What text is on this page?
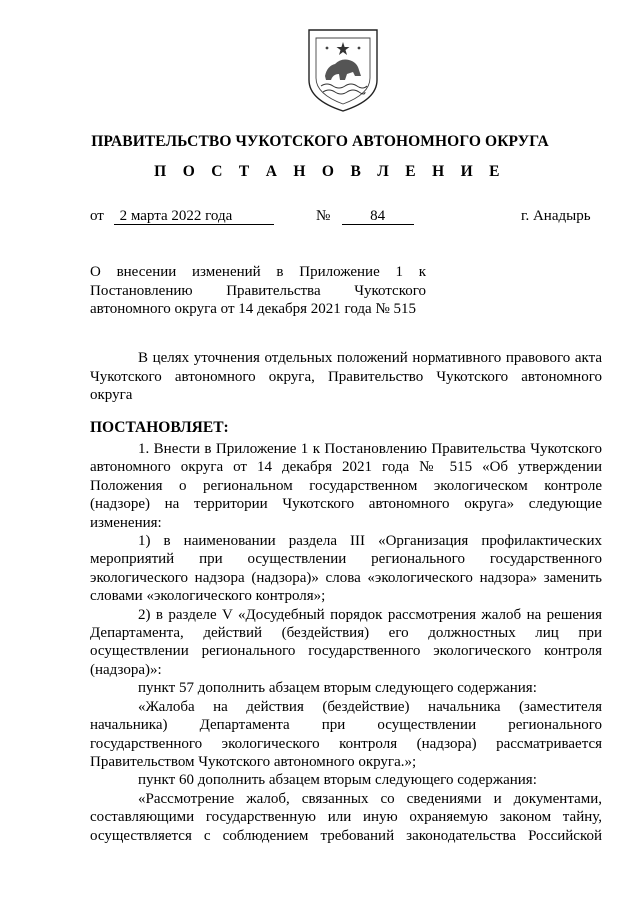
ПРАВИТЕЛЬСТВО ЧУКОТСКОГО АВТОНОМНОГО ОКРУГА
П О С Т А Н О В Л Е Н И Е
от 2 марта 2022 года	№	84	г. Анадырь
О внесении изменений в Приложение 1 к
Постановлению Правительства Чукотского
автономного округа от 14 декабря 2021 года № 515
В целях уточнения отдельных положений нормативного правового акта
Чукотского автономного округа, Правительство Чукотского автономного
округа
ПОСТАНОВЛЯЕТ:
1. Внести в Приложение 1 к Постановлению Правительства Чукотского
автономного округа от 14 декабря 2021 года № 515 «Об утверждении
Положения о региональном государственном экологическом контроле
(надзоре) на территории Чукотского автономного округа» следующие
изменения:
1) в наименовании раздела III «Организация профилактических
мероприятий при осуществлении регионального государственного
экологического надзора (надзора)» слова «экологического надзора» заменить
словами «экологического контроля»;
2) в разделе V «Досудебный порядок рассмотрения жалоб на решения
Департамента, действий (бездействия) его должностных лиц при
осуществлении регионального государственного экологического контроля
(надзора)»:
пункт 57 дополнить абзацем вторым следующего содержания:
«Жалоба на действия (бездействие) начальника (заместителя
начальника) Департамента при осуществлении регионального
государственного экологического контроля (надзора) рассматривается
Правительством Чукотского автономного округа.»;
пункт 60 дополнить абзацем вторым следующего содержания:
«Рассмотрение жалоб, связанных со сведениями и документами,
составляющими государственную или иную охраняемую законом тайну,
осуществляется с соблюдением требований законодательства Российской
